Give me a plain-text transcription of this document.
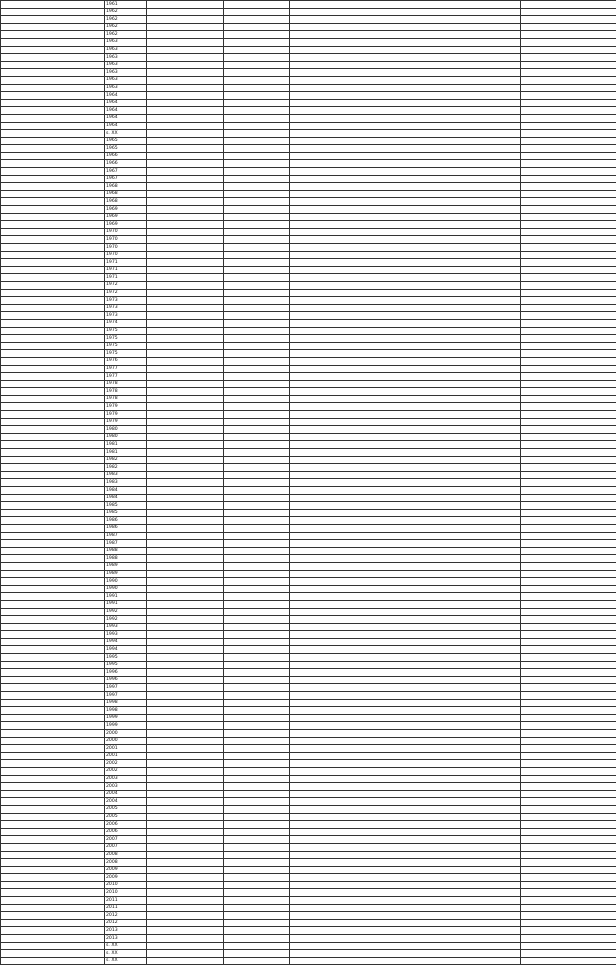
	1961				
	1962				
	1962				
	1962				
	1962				
	1963				
	1963				
	1963				
	1963				
	1963				
	1963				
	1963				
	1964				
	1964				
	1964				
	1964				
	1964				
	s. XX				
	1965				
	1965				
	1966				
	1966				
	1967				
	1967				
	1968				
	1968				
	1968				
	1969				
	1969				
	1969				
	1970				
	1970				
	1970				
	1970				
	1971				
	1971				
	1971				
	1972				
	1972				
	1973				
	1973				
	1973				
	1974				
	1975				
	1975				
	1975				
	1975				
	1976				
	1977				
	1977				
	1978				
	1978				
	1978				
	1979				
	1979				
	1979				
	1980				
	1980				
	1981				
	1981				
	1982				
	1982				
	1983				
	1983				
	1984				
	1984				
	1985				
	1985				
	1986				
	1986				
	1987				
	1987				
	1988				
	1988				
	1989				
	1989				
	1990				
	1990				
	1991				
	1991				
	1992				
	1992				
	1993				
	1993				
	1994				
	1994				
	1995				
	1995				
	1996				
	1996				
	1997				
	1997				
	1998				
	1998				
	1999				
	1999				
	2000				
	2000				
	2001				
	2001				
	2002				
	2002				
	2003				
	2003				
	2004				
	2004				
	2005				
	2005				
	2006				
	2006				
	2007				
	2007				
	2008				
	2008				
	2009				
	2009				
	2010				
	2010				
	2011				
	2011				
	2012				
	2012				
	2013				
	2013				
	s. XX				
	s. XX				
	s. XX				
